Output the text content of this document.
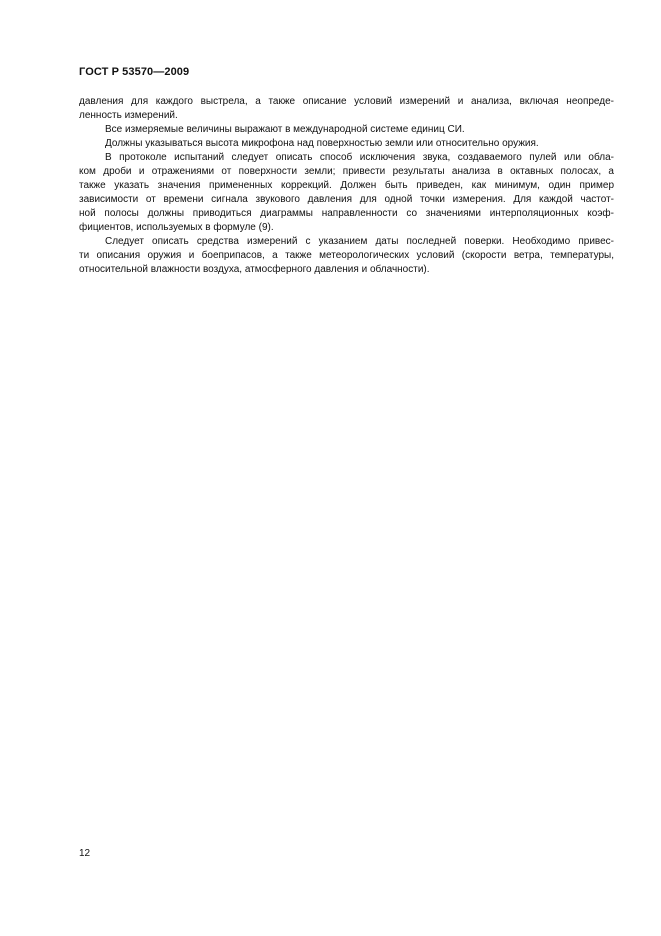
ГОСТ Р 53570—2009
давления для каждого выстрела, а также описание условий измерений и анализа, включая неопреде-
ленность измерений.
Все измеряемые величины выражают в международной системе единиц СИ.
Должны указываться высота микрофона над поверхностью земли или относительно оружия.
В протоколе испытаний следует описать способ исключения звука, создаваемого пулей или обла-
ком дроби и отражениями от поверхности земли; привести результаты анализа в октавных полосах, а
также указать значения примененных коррекций. Должен быть приведен, как минимум, один пример
зависимости от времени сигнала звукового давления для одной точки измерения. Для каждой частот-
ной полосы должны приводиться диаграммы направленности со значениями интерполяционных коэф-
фициентов, используемых в формуле (9).
Следует описать средства измерений с указанием даты последней поверки. Необходимо привес-
ти описания оружия и боеприпасов, а также метеорологических условий (скорости ветра, температуры,
относительной влажности воздуха, атмосферного давления и облачности).
12
